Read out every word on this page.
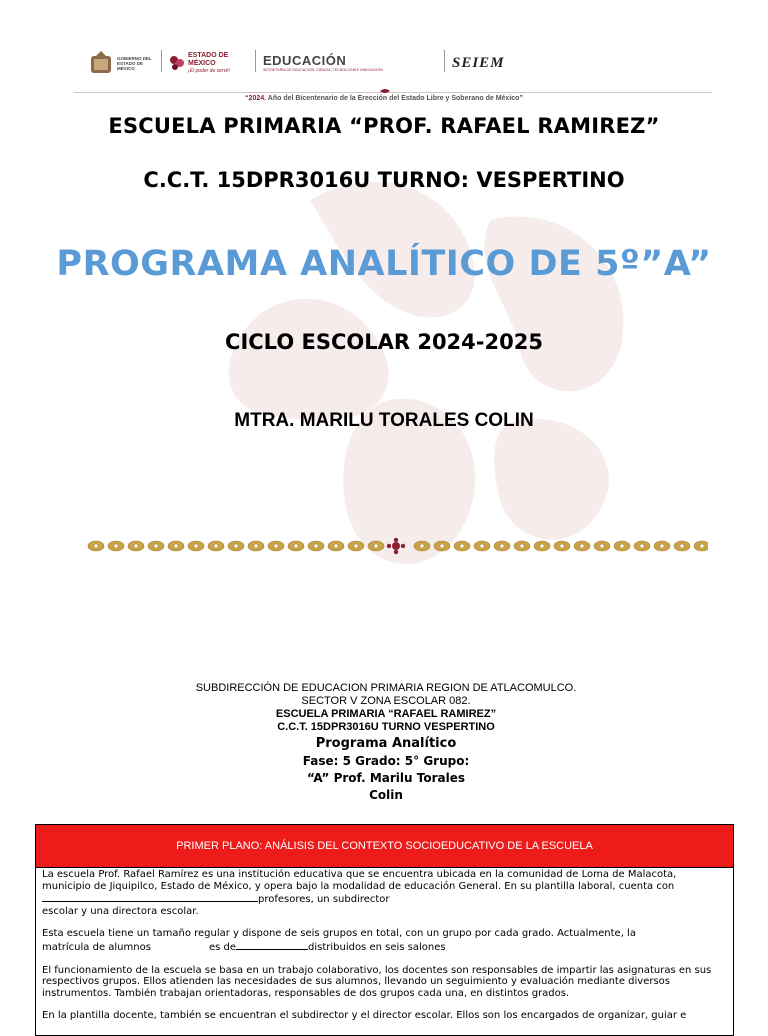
GOBIERNO DEL
ESTADO DE
MÉXICO
ESTADO DE MÉXICO
¡El poder de servir!
EDUCACIÓN
SECRETARÍA DE EDUCACIÓN, CIENCIA, TECNOLOGÍA E INNOVACIÓN	SEIEM
“2024. Año del Bicentenario de la Erección del Estado Libre y Soberano de México”
ESCUELA PRIMARIA “PROF. RAFAEL RAMIREZ”
C.C.T. 15DPR3016U TURNO: VESPERTINO
PROGRAMA ANALÍTICO DE 5º”A”
CICLO ESCOLAR 2024-2025
MTRA. MARILU TORALES COLIN
SUBDIRECCIÓN DE EDUCACION PRIMARIA REGION DE ATLACOMULCO.
SECTOR V ZONA ESCOLAR 082.
ESCUELA PRIMARIA “RAFAEL RAMIREZ”
C.C.T. 15DPR3016U TURNO VESPERTINO
Programa Analítico
Fase: 5 Grado: 5° Grupo:
“A” Prof. Marilu Torales
Colin
PRIMER PLANO: ANÁLISIS DEL CONTEXTO SOCIOEDUCATIVO DE LA ESCUELA

La escuela Prof. Rafael Ramírez es una institución educativa que se encuentra ubicada en la comunidad de Loma de Malacota, municipio de Jiquipilco, Estado de México, y opera bajo la modalidad de educación General. En su plantilla laboral, cuenta con
profesores, un subdirector
escolar y una directora escolar.

Esta escuela tiene un tamaño regular y dispone de seis grupos en total, con un grupo por cada grado. Actualmente, la
matrícula de alumnos	es de	distribuidos en seis salones

El funcionamiento de la escuela se basa en un trabajo colaborativo, los docentes son responsables de impartir las asignaturas en sus respectivos grupos. Ellos atienden las necesidades de sus alumnos, llevando un seguimiento y evaluación mediante diversos instrumentos. También trabajan orientadoras, responsables de dos grupos cada una, en distintos grados.

En la plantilla docente, también se encuentran el subdirector y el director escolar. Ellos son los encargados de organizar, guiar e
